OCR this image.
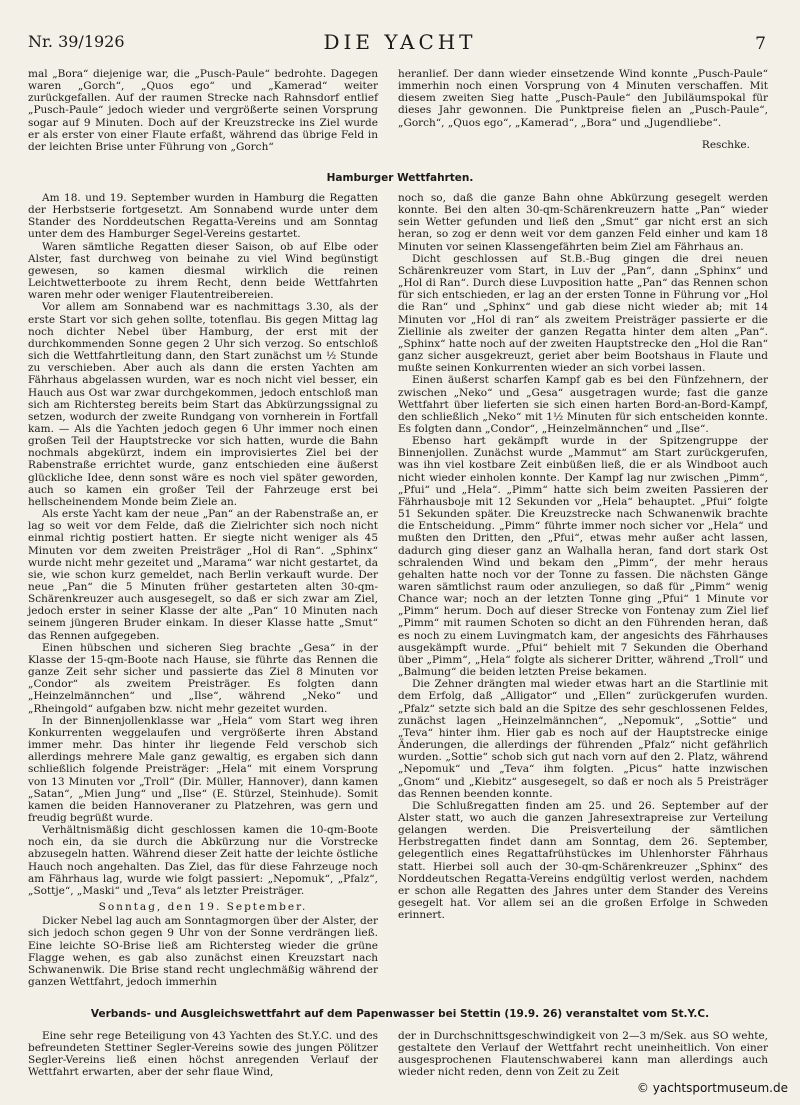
Nr. 39/1926	DIE YACHT	7

mal „Bora“ diejenige war, die „Pusch-Paule“ bedrohte. Dagegen waren „Gorch“, „Quos ego“ und „Kamerad“ weiter zurückgefallen. Auf der raumen Strecke nach Rahnsdorf entlief „Pusch-Paule“ jedoch wieder und vergrößerte seinen Vorsprung sogar auf 9 Minuten. Doch auf der Kreuzstrecke ins Ziel wurde er als erster von einer Flaute erfaßt, während das übrige Feld in der leichten Brise unter Führung von „Gorch“

heranlief. Der dann wieder einsetzende Wind konnte „Pusch-Paule“ immerhin noch einen Vorsprung von 4 Minuten verschaffen. Mit diesem zweiten Sieg hatte „Pusch-Paule“ den Jubiläumspokal für dieses Jahr gewonnen. Die Punktpreise fielen an „Pusch-Paule“, „Gorch“, „Quos ego“, „Kamerad“, „Bora“ und „Jugendliebe“.

Reschke.
Hamburger Wettfahrten.

Am 18. und 19. September wurden in Hamburg die Regatten der Herbstserie fortgesetzt. Am Sonnabend wurde unter dem Stander des Norddeutschen Regatta-Vereins und am Sonntag unter dem des Hamburger Segel-Vereins gestartet.

Waren sämtliche Regatten dieser Saison, ob auf Elbe oder Alster, fast durchweg von beinahe zu viel Wind begünstigt gewesen, so kamen diesmal wirklich die reinen Leichtwetterboote zu ihrem Recht, denn beide Wettfahrten waren mehr oder weniger Flautentreibereien.

Vor allem am Sonnabend war es nachmittags 3.30, als der erste Start vor sich gehen sollte, totenflau. Bis gegen Mittag lag noch dichter Nebel über Hamburg, der erst mit der durchkommenden Sonne gegen 2 Uhr sich verzog. So entschloß sich die Wettfahrtleitung dann, den Start zunächst um ½ Stunde zu verschieben. Aber auch als dann die ersten Yachten am Fährhaus abgelassen wurden, war es noch nicht viel besser, ein Hauch aus Ost war zwar durchgekommen, jedoch entschloß man sich am Richtersteg bereits beim Start das Abkürzungssignal zu setzen, wodurch der zweite Rundgang von vornherein in Fortfall kam. — Als die Yachten jedoch gegen 6 Uhr immer noch einen großen Teil der Hauptstrecke vor sich hatten, wurde die Bahn nochmals abgekürzt, indem ein improvisiertes Ziel bei der Rabenstraße errichtet wurde, ganz entschieden eine äußerst glückliche Idee, denn sonst wäre es noch viel später geworden, auch so kamen ein großer Teil der Fahrzeuge erst bei hellscheinendem Monde beim Ziele an.

Als erste Yacht kam der neue „Pan“ an der Rabenstraße an, er lag so weit vor dem Felde, daß die Zielrichter sich noch nicht einmal richtig postiert hatten. Er siegte nicht weniger als 45 Minuten vor dem zweiten Preisträger „Hol di Ran“. „Sphinx“ wurde nicht mehr gezeitet und „Marama“ war nicht gestartet, da sie, wie schon kurz gemeldet, nach Berlin verkauft wurde. Der neue „Pan“ die 5 Minuten früher gestarteten alten 30-qm-Schärenkreuzer auch ausgesegelt, so daß er sich zwar am Ziel, jedoch erster in seiner Klasse der alte „Pan“ 10 Minuten nach seinem jüngeren Bruder einkam. In dieser Klasse hatte „Smut“ das Rennen aufgegeben.

Einen hübschen und sicheren Sieg brachte „Gesa“ in der Klasse der 15-qm-Boote nach Hause, sie führte das Rennen die ganze Zeit sehr sicher und passierte das Ziel 8 Minuten vor „Condor“ als zweitem Preisträger. Es folgten dann „Heinzelmännchen“ und „Ilse“, während „Neko“ und „Rheingold“ aufgaben bzw. nicht mehr gezeitet wurden.

In der Binnenjollenklasse war „Hela“ vom Start weg ihren Konkurrenten weggelaufen und vergrößerte ihren Abstand immer mehr. Das hinter ihr liegende Feld verschob sich allerdings mehrere Male ganz gewaltig, es ergaben sich dann schließlich folgende Preisträger: „Hela“ mit einem Vorsprung von 13 Minuten vor „Troll“ (Dir. Müller, Hannover), dann kamen „Satan“, „Mien Jung“ und „Ilse“ (E. Stürzel, Steinhude). Somit kamen die beiden Hannoveraner zu Platzehren, was gern und freudig begrüßt wurde.

Verhältnismäßig dicht geschlossen kamen die 10-qm-Boote noch ein, da sie durch die Abkürzung nur die Vorstrecke abzusegeln hatten. Während dieser Zeit hatte der leichte östliche Hauch noch angehalten. Das Ziel, das für diese Fahrzeuge noch am Fährhaus lag, wurde wie folgt passiert: „Nepomuk“, „Pfalz“, „Sottje“, „Maski“ und „Teva“ als letzter Preisträger.

Sonntag, den 19. September.

Dicker Nebel lag auch am Sonntagmorgen über der Alster, der sich jedoch schon gegen 9 Uhr von der Sonne verdrängen ließ. Eine leichte SO-Brise ließ am Richtersteg wieder die grüne Flagge wehen, es gab also zunächst einen Kreuzstart nach Schwanenwik. Die Brise stand recht unglechmäßig während der ganzen Wettfahrt, jedoch immerhin

noch so, daß die ganze Bahn ohne Abkürzung gesegelt werden konnte. Bei den alten 30-qm-Schärenkreuzern hatte „Pan“ wieder sein Wetter gefunden und ließ den „Smut“ gar nicht erst an sich heran, so zog er denn weit vor dem ganzen Feld einher und kam 18 Minuten vor seinen Klassengefährten beim Ziel am Fährhaus an.

Dicht geschlossen auf St.B.-Bug gingen die drei neuen Schärenkreuzer vom Start, in Luv der „Pan“, dann „Sphinx“ und „Hol di Ran“. Durch diese Luvposition hatte „Pan“ das Rennen schon für sich entschieden, er lag an der ersten Tonne in Führung vor „Hol die Ran“ und „Sphinx“ und gab diese nicht wieder ab; mit 14 Minuten vor „Hol di ran“ als zweitem Preisträger passierte er die Ziellinie als zweiter der ganzen Regatta hinter dem alten „Pan“. „Sphinx“ hatte noch auf der zweiten Hauptstrecke den „Hol die Ran“ ganz sicher ausgekreuzt, geriet aber beim Bootshaus in Flaute und mußte seinen Konkurrenten wieder an sich vorbei lassen.

Einen äußerst scharfen Kampf gab es bei den Fünfzehnern, der zwischen „Neko“ und „Gesa“ ausgetragen wurde; fast die ganze Wettfahrt über lieferten sie sich einen harten Bord-an-Bord-Kampf, den schließlich „Neko“ mit 1½ Minuten für sich entscheiden konnte. Es folgten dann „Condor“, „Heinzelmännchen“ und „Ilse“.

Ebenso hart gekämpft wurde in der Spitzengruppe der Binnenjollen. Zunächst wurde „Mammut“ am Start zurückgerufen, was ihn viel kostbare Zeit einbüßen ließ, die er als Windboot auch nicht wieder einholen konnte. Der Kampf lag nur zwischen „Pimm“, „Pfui“ und „Hela“. „Pimm“ hatte sich beim zweiten Passieren der Fährhausboje mit 12 Sekunden vor „Hela“ behauptet. „Pfui“ folgte 51 Sekunden später. Die Kreuzstrecke nach Schwanenwik brachte die Entscheidung. „Pimm“ führte immer noch sicher vor „Hela“ und mußten den Dritten, den „Pfui“, etwas mehr außer acht lassen, dadurch ging dieser ganz an Walhalla heran, fand dort stark Ost schralenden Wind und bekam den „Pimm“, der mehr heraus gehalten hatte noch vor der Tonne zu fassen. Die nächsten Gänge waren sämtlichst raum oder anzuliegen, so daß für „Pimm“ wenig Chance war; noch an der letzten Tonne ging „Pfui“ 1 Minute vor „Pimm“ herum. Doch auf dieser Strecke von Fontenay zum Ziel lief „Pimm“ mit raumen Schoten so dicht an den Führenden heran, daß es noch zu einem Luvingmatch kam, der angesichts des Fährhauses ausgekämpft wurde. „Pfui“ behielt mit 7 Sekunden die Oberhand über „Pimm“, „Hela“ folgte als sicherer Dritter, während „Troll“ und „Balmung“ die beiden letzten Preise bekamen.

Die Zehner drängten mal wieder etwas hart an die Startlinie mit dem Erfolg, daß „Alligator“ und „Ellen“ zurückgerufen wurden. „Pfalz“ setzte sich bald an die Spitze des sehr geschlossenen Feldes, zunächst lagen „Heinzelmännchen“, „Nepomuk“, „Sottie“ und „Teva“ hinter ihm. Hier gab es noch auf der Hauptstrecke einige Änderungen, die allerdings der führenden „Pfalz“ nicht gefährlich wurden. „Sottie“ schob sich gut nach vorn auf den 2. Platz, während „Nepomuk“ und „Teva“ ihm folgten. „Picus“ hatte inzwischen „Gnom“ und „Kiebitz“ ausgesegelt, so daß er noch als 5 Preisträger das Rennen beenden konnte.

Die Schlußregatten finden am 25. und 26. September auf der Alster statt, wo auch die ganzen Jahresextrapreise zur Verteilung gelangen werden. Die Preisverteilung der sämtlichen Herbstregatten findet dann am Sonntag, dem 26. September, gelegentlich eines Regattafrühstückes im Uhlenhorster Fährhaus statt. Hierbei soll auch der 30-qm-Schärenkreuzer „Sphinx“ des Norddeutschen Regatta-Vereins endgültig verlost werden, nachdem er schon alle Regatten des Jahres unter dem Stander des Vereins gesegelt hat. Vor allem sei an die großen Erfolge in Schweden erinnert.

Verbands- und Ausgleichswettfahrt auf dem Papenwasser bei Stettin (19.9. 26) veranstaltet vom St.Y.C.

Eine sehr rege Beteiligung von 43 Yachten des St.Y.C. und des befreundeten Stettiner Segler-Vereins sowie des jungen Pölitzer Segler-Vereins ließ einen höchst anregenden Verlauf der Wettfahrt erwarten, aber der sehr flaue Wind,

der in Durchschnittsgeschwindigkeit von 2—3 m/Sek. aus SO wehte, gestaltete den Verlauf der Wettfahrt recht uneinheitlich. Von einer ausgesprochenen Flautenschwaberei kann man allerdings auch wieder nicht reden, denn von Zeit zu Zeit

© yachtsportmuseum.de
